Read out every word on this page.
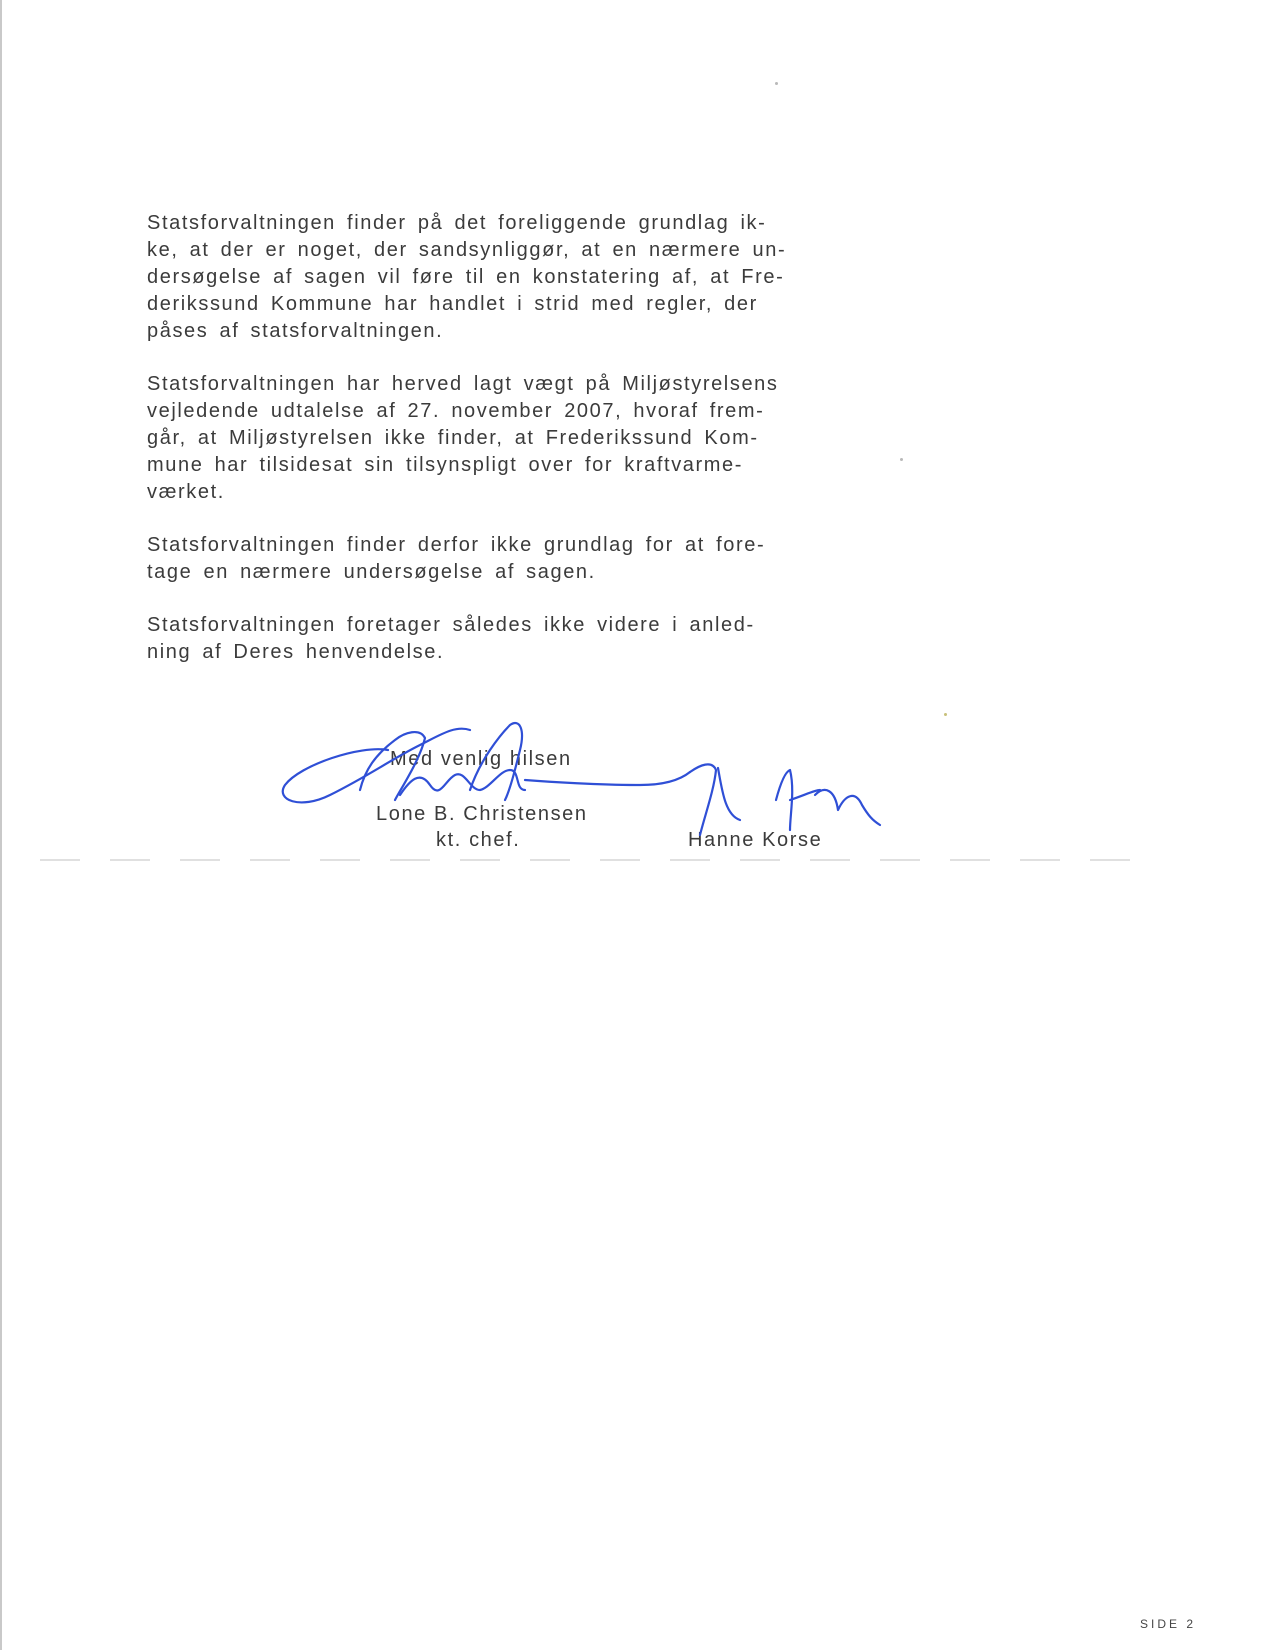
Statsforvaltningen finder på det foreliggende grundlag ik-
ke, at der er noget, der sandsynliggør, at en nærmere un-
dersøgelse af sagen vil føre til en konstatering af, at Fre-
derikssund Kommune har handlet i strid med regler, der
påses af statsforvaltningen.

Statsforvaltningen har herved lagt vægt på Miljøstyrelsens
vejledende udtalelse af 27. november 2007, hvoraf frem-
går, at Miljøstyrelsen ikke finder, at Frederikssund Kom-
mune har tilsidesat sin tilsynspligt over for kraftvarme-
værket.

Statsforvaltningen finder derfor ikke grundlag for at fore-
tage en nærmere undersøgelse af sagen.

Statsforvaltningen foretager således ikke videre i anled-
ning af Deres henvendelse.

Med venlig hilsen
Lone B. Christensen
kt. chef.	Hanne Korse
SIDE 2
